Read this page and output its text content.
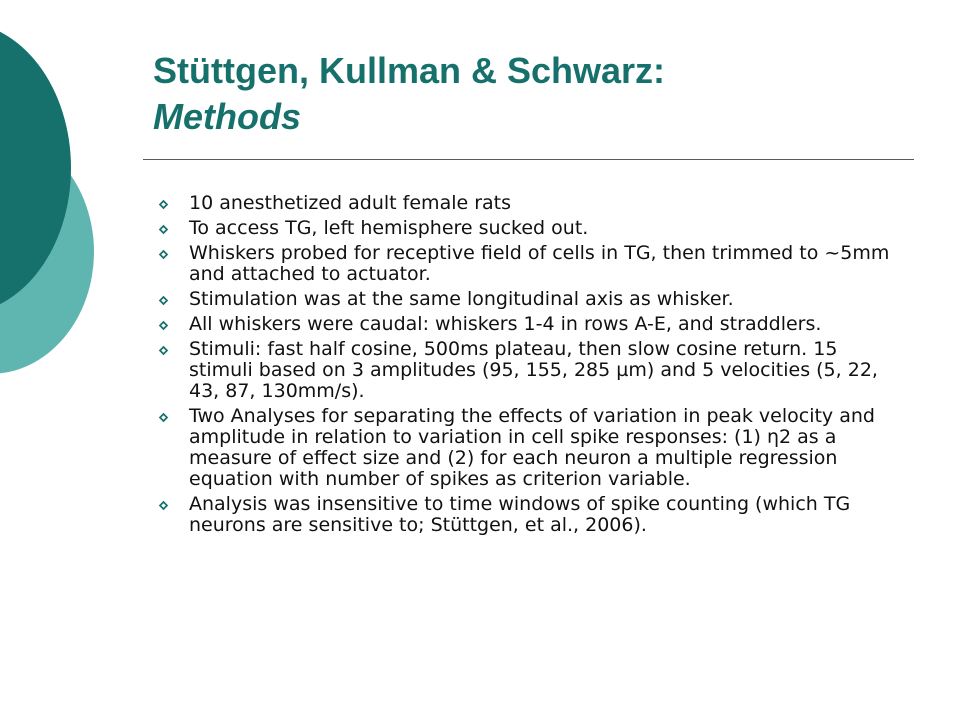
Stüttgen, Kullman & Schwarz:
Methods
10 anesthetized adult female rats
To access TG, left hemisphere sucked out.
Whiskers probed for receptive field of cells in TG, then trimmed to ~5mm and attached to actuator.
Stimulation was at the same longitudinal axis as whisker.
All whiskers were caudal: whiskers 1-4 in rows A-E, and straddlers.
Stimuli: fast half cosine, 500ms plateau, then slow cosine return. 15 stimuli based on 3 amplitudes (95, 155, 285 µm) and 5 velocities (5, 22, 43, 87, 130mm/s).
Two Analyses for separating the effects of variation in peak velocity and amplitude in relation to variation in cell spike responses: (1) η2 as a measure of effect size and (2) for each neuron a multiple regression equation with number of spikes as criterion variable.
Analysis was insensitive to time windows of spike counting (which TG neurons are sensitive to; Stüttgen, et al., 2006).
